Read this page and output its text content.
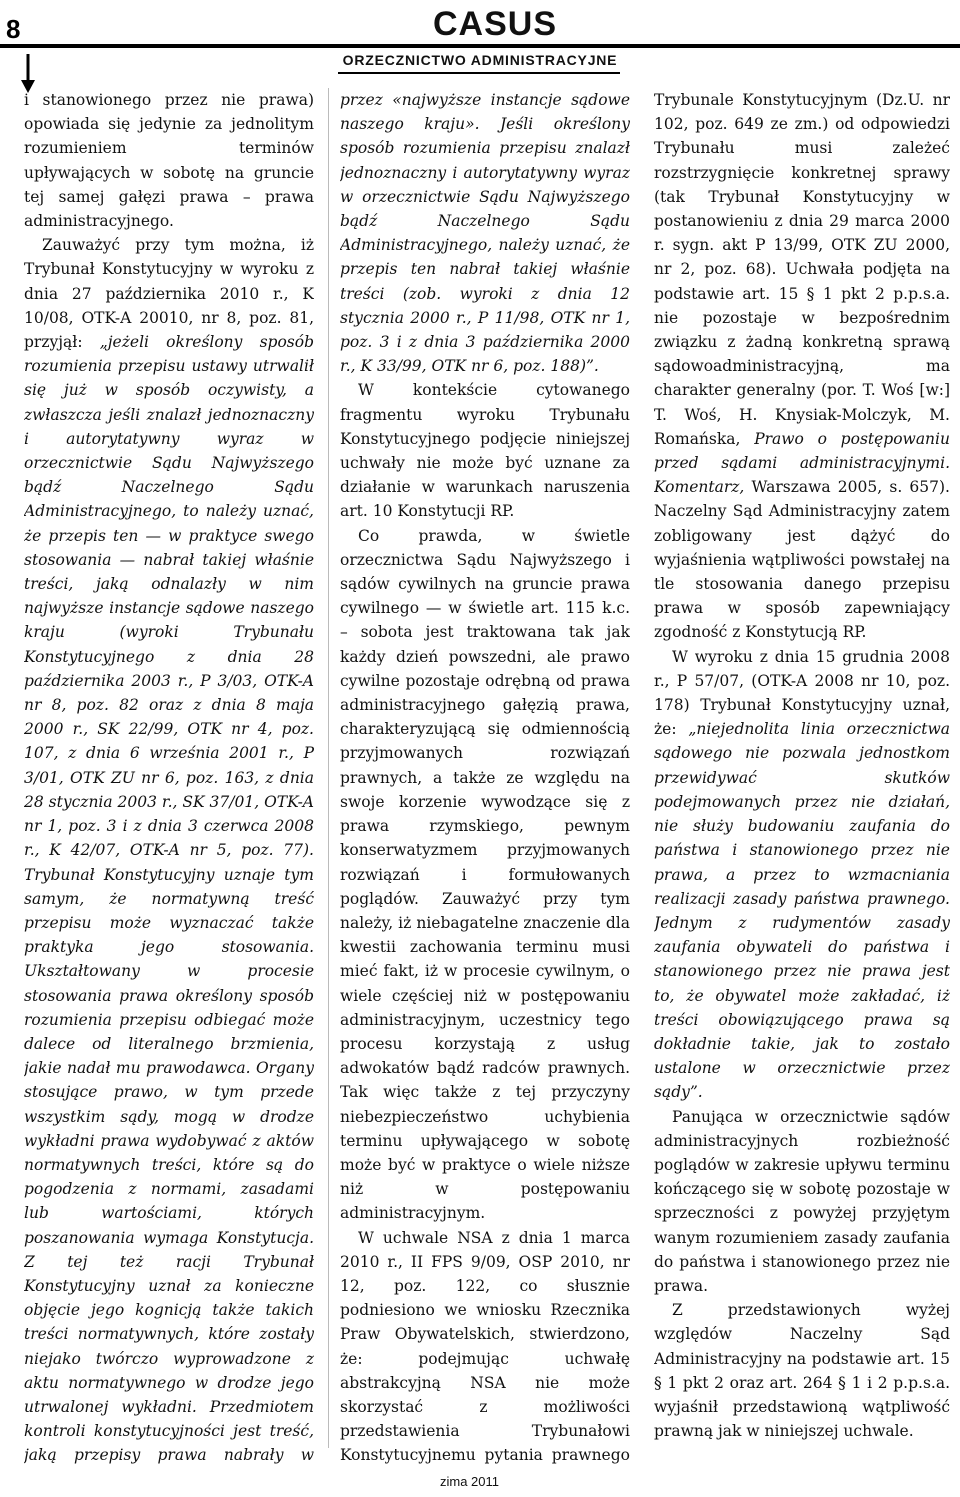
8	CASUS
ORZECZNICTWO ADMINISTRACYJNE

i stanowionego przez nie prawa) opowiada się jedynie za jednolitym rozumieniem terminów upływających w sobotę na gruncie tej samej gałęzi prawa – prawa administracyjnego.

Zauważyć przy tym można, iż Trybunał Konstytucyjny w wyroku z dnia 27 października 2010 r., K 10/08, OTK-A 20010, nr 8, poz. 81, przyjął: „jeżeli określony sposób rozumienia przepisu ustawy utrwalił się już w sposób oczywisty, a zwłaszcza jeśli znalazł jednoznaczny i autorytatywny wyraz w orzecznictwie Sądu Najwyższego bądź Naczelnego Sądu Administracyjnego, to należy uznać, że przepis ten — w praktyce swego stosowania — nabrał takiej właśnie treści, jaką odnalazły w nim najwyższe instancje sądowe naszego kraju (wyroki Trybunału Konstytucyjnego z dnia 28 października 2003 r., P 3/03, OTK-A nr 8, poz. 82 oraz z dnia 8 maja 2000 r., SK 22/99, OTK nr 4, poz. 107, z dnia 6 września 2001 r., P 3/01, OTK ZU nr 6, poz. 163, z dnia 28 stycznia 2003 r., SK 37/01, OTK-A nr 1, poz. 3 i z dnia 3 czerwca 2008 r., K 42/07, OTK-A nr 5, poz. 77). Trybunał Konstytucyjny uznaje tym samym, że normatywną treść przepisu może wyznaczać także praktyka jego stosowania. Ukształtowany w procesie stosowania prawa określony sposób rozumienia przepisu odbiegać może dalece od literalnego brzmienia, jakie nadał mu prawodawca. Organy stosujące prawo, w tym przede wszystkim sądy, mogą w drodze wykładni prawa wydobywać z aktów normatywnych treści, które są do pogodzenia z normami, zasadami lub wartościami, których poszanowania wymaga Konstytucja. Z tej też racji Trybunał Konstytucyjny uznał za konieczne objęcie jego kognicją także takich treści normatywnych, które zostały niejako twórczo wyprowadzone z aktu normatywnego w drodze jego utrwalonej wykładni. Przedmiotem kontroli konstytucyjności jest treść, jaką przepisy prawa nabrały w

przez «najwyższe instancje sądowe naszego kraju». Jeśli określony sposób rozumienia przepisu znalazł jednoznaczny i autorytatywny wyraz w orzecznictwie Sądu Najwyższego bądź Naczelnego Sądu Administracyjnego, należy uznać, że przepis ten nabrał takiej właśnie treści (zob. wyroki z dnia 12 stycznia 2000 r., P 11/98, OTK nr 1, poz. 3 i z dnia 3 października 2000 r., K 33/99, OTK nr 6, poz. 188)”.

W kontekście cytowanego fragmentu wyroku Trybunału Konstytucyjnego podjęcie niniejszej uchwały nie może być uznane za działanie w warunkach naruszenia art. 10 Konstytucji RP.

Co prawda, w świetle orzecznictwa Sądu Najwyższego i sądów cywilnych na gruncie prawa cywilnego — w świetle art. 115 k.c. – sobota jest traktowana tak jak każdy dzień powszedni, ale prawo cywilne pozostaje odrębną od prawa administracyjnego gałęzią prawa, charakteryzującą się odmiennością przyjmowanych rozwiązań prawnych, a także ze względu na swoje korzenie wywodzące się z prawa rzymskiego, pewnym konserwatyzmem przyjmowanych rozwiązań i formułowanych poglądów. Zauważyć przy tym należy, iż niebagatelne znaczenie dla kwestii zachowania terminu musi mieć fakt, iż w procesie cywilnym, o wiele częściej niż w postępowaniu administracyjnym, uczestnicy tego procesu korzystają z usług adwokatów bądź radców prawnych. Tak więc także z tej przyczyny niebezpieczeństwo uchybienia terminu upływającego w sobotę może być w praktyce o wiele niższe niż w postępowaniu administracyjnym.

W uchwale NSA z dnia 1 marca 2010 r., II FPS 9/09, OSP 2010, nr 12, poz. 122, co słusznie podniesiono we wniosku Rzecznika Praw Obywatelskich, stwierdzono, że: podejmując uchwałę abstrakcyjną NSA nie może skorzystać z możliwości przedstawienia Trybunałowi Konstytucyjnemu pytania prawnego

Trybunale Konstytucyjnym (Dz.U. nr 102, poz. 649 ze zm.) od odpowiedzi Trybunału musi zależeć rozstrzygnięcie konkretnej sprawy (tak Trybunał Konstytucyjny w postanowieniu z dnia 29 marca 2000 r. sygn. akt P 13/99, OTK ZU 2000, nr 2, poz. 68). Uchwała podjęta na podstawie art. 15 § 1 pkt 2 p.p.s.a. nie pozostaje w bezpośrednim związku z żadną konkretną sprawą sądowoadministracyjną, ma charakter generalny (por. T. Woś [w:] T. Woś, H. Knysiak-Molczyk, M. Romańska, Prawo o postępowaniu przed sądami administracyjnymi. Komentarz, Warszawa 2005, s. 657). Naczelny Sąd Administracyjny zatem zobligowany jest dążyć do wyjaśnienia wątpliwości powstałej na tle stosowania danego przepisu prawa w sposób zapewniający zgodność z Konstytucją RP.

W wyroku z dnia 15 grudnia 2008 r., P 57/07, (OTK-A 2008 nr 10, poz. 178) Trybunał Konstytucyjny uznał, że: „niejednolita linia orzecznictwa sądowego nie pozwala jednostkom przewidywać skutków podejmowanych przez nie działań, nie służy budowaniu zaufania do państwa i stanowionego przez nie prawa, a przez to wzmacniania realizacji zasady państwa prawnego. Jednym z rudymentów zasady zaufania obywateli do państwa i stanowionego przez nie prawa jest to, że obywatel może zakładać, iż treści obowiązującego prawa są dokładnie takie, jak to zostało ustalone w orzecznictwie przez sądy”.

Panująca w orzecznictwie sądów administracyjnych rozbieżność poglądów w zakresie upływu terminu kończącego się w sobotę pozostaje w sprzeczności z powyżej przyjętym wanym rozumieniem zasady zaufania do państwa i stanowionego przez nie prawa.

Z przedstawionych wyżej względów Naczelny Sąd Administracyjny na podstawie art. 15 § 1 pkt 2 oraz art. 264 § 1 i 2 p.p.s.a. wyjaśnił przedstawioną wątpliwość prawną jak w niniejszej uchwale.

zima 2011
